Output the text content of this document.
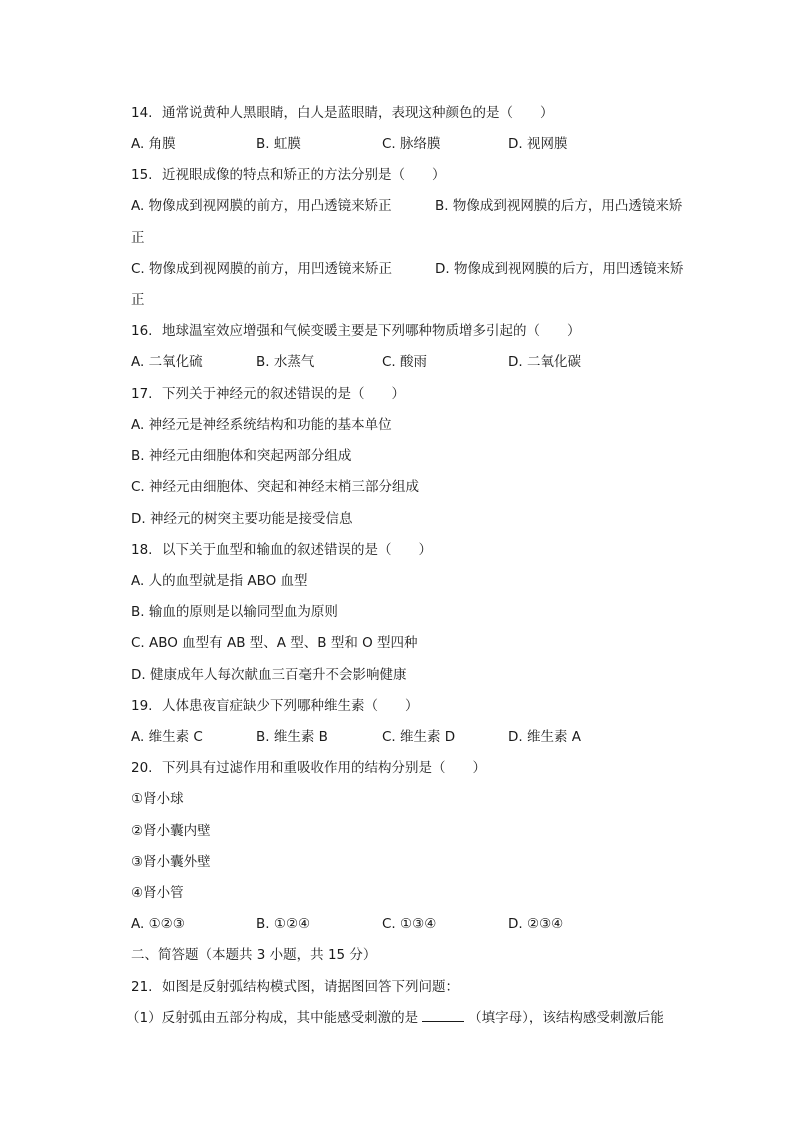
14. 通常说黄种人黑眼睛，白人是蓝眼睛，表现这种颜色的是（　　）
A. 角膜	B. 虹膜	C. 脉络膜	D. 视网膜
15. 近视眼成像的特点和矫正的方法分别是（　　）
A. 物像成到视网膜的前方，用凸透镜来矫正	B. 物像成到视网膜的后方，用凸透镜来矫
正
C. 物像成到视网膜的前方，用凹透镜来矫正	D. 物像成到视网膜的后方，用凹透镜来矫
正
16. 地球温室效应增强和气候变暖主要是下列哪种物质增多引起的（　　）
A. 二氧化硫	B. 水蒸气	C. 酸雨	D. 二氧化碳
17. 下列关于神经元的叙述错误的是（　　）
A. 神经元是神经系统结构和功能的基本单位
B. 神经元由细胞体和突起两部分组成
C. 神经元由细胞体、突起和神经末梢三部分组成
D. 神经元的树突主要功能是接受信息
18. 以下关于血型和输血的叙述错误的是（　　）
A. 人的血型就是指 ABO 血型
B. 输血的原则是以输同型血为原则
C. ABO 血型有 AB 型、A 型、B 型和 O 型四种
D. 健康成年人每次献血三百毫升不会影响健康
19. 人体患夜盲症缺少下列哪种维生素（　　）
A. 维生素 C	B. 维生素 B	C. 维生素 D	D. 维生素 A
20. 下列具有过滤作用和重吸收作用的结构分别是（　　）
①肾小球
②肾小囊内壁
③肾小囊外壁
④肾小管
A. ①②③	B. ①②④	C. ①③④	D. ②③④
二、简答题（本题共 3 小题，共 15 分）
21. 如图是反射弧结构模式图，请据图回答下列问题：
（1）反射弧由五部分构成，其中能感受刺激的是	（填字母），该结构感受刺激后能
